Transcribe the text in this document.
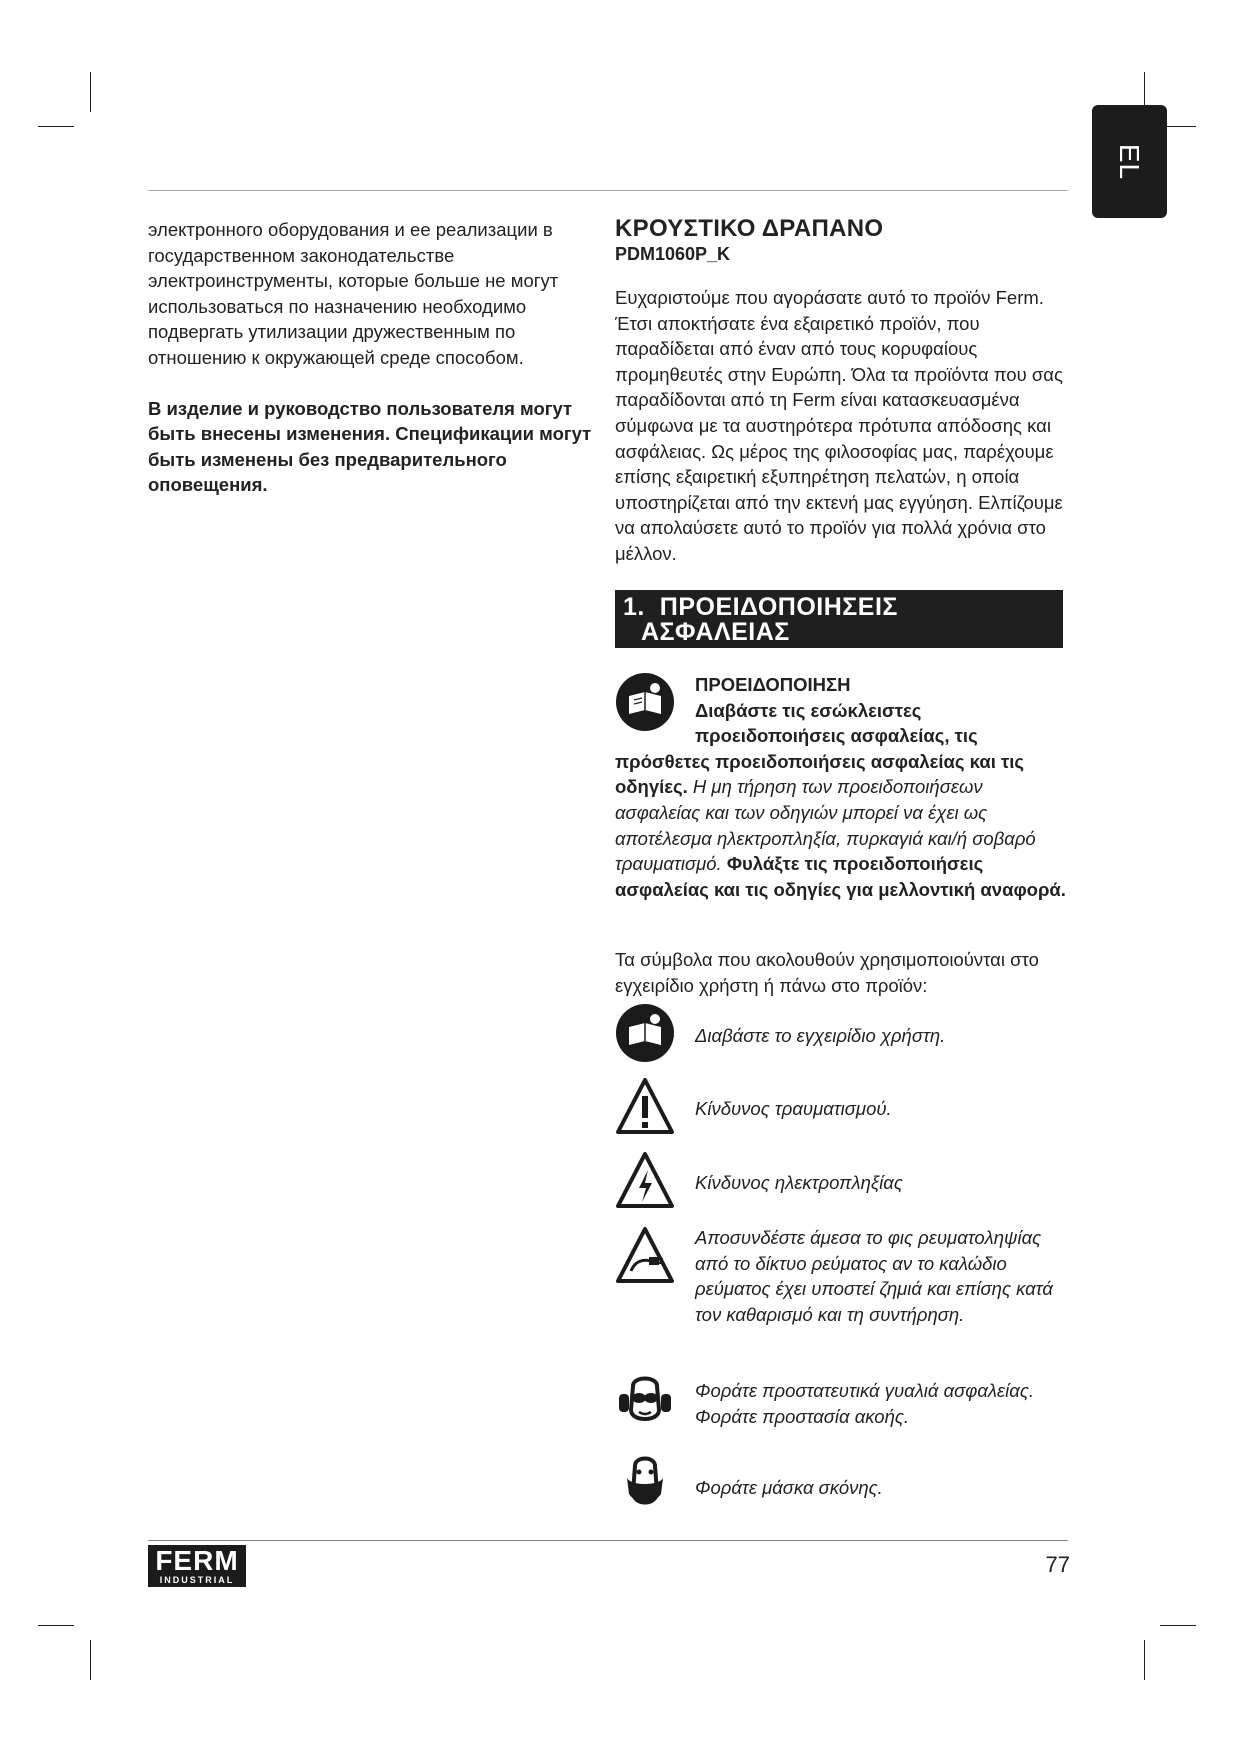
EL

электронного оборудования и ее реализации в государственном законодательстве электроинструменты, которые больше не могут использоваться по назначению необходимо подвергать утилизации дружественным по отношению к окружающей среде способом.

В изделие и руководство пользователя могут быть внесены изменения. Спецификации могут быть изменены без предварительного оповещения.

ΚΡΟΥΣΤΙΚΟ ΔΡΑΠΑΝΟ
PDM1060P_K

Ευχαριστούμε που αγοράσατε αυτό το προϊόν Ferm. Έτσι αποκτήσατε ένα εξαιρετικό προϊόν, που παραδίδεται από έναν από τους κορυφαίους προμηθευτές στην Ευρώπη. Όλα τα προϊόντα που σας παραδίδονται από τη Ferm είναι κατασκευασμένα σύμφωνα με τα αυστηρότερα πρότυπα απόδοσης και ασφάλειας. Ως μέρος της φιλοσοφίας μας, παρέχουμε επίσης εξαιρετική εξυπηρέτηση πελατών, η οποία υποστηρίζεται από την εκτενή μας εγγύηση. Ελπίζουμε να απολαύσετε αυτό το προϊόν για πολλά χρόνια στο μέλλον.

1. ΠΡΟΕΙΔΟΠΟΙΗΣΕΙΣ
ΑΣΦΑΛΕΙΑΣ
ΠΡΟΕΙΔΟΠΟΙΗΣΗ
Διαβάστε τις εσώκλειστες
προειδοποιήσεις ασφαλείας, τις

πρόσθετες προειδοποιήσεις ασφαλείας και τις οδηγίες. Η μη τήρηση των προειδοποιήσεων ασφαλείας και των οδηγιών μπορεί να έχει ως αποτέλεσμα ηλεκτροπληξία, πυρκαγιά και/ή σοβαρό τραυματισμό. Φυλάξτε τις προειδοποιήσεις ασφαλείας και τις οδηγίες για μελλοντική αναφορά.

Τα σύμβολα που ακολουθούν χρησιμοποιούνται στο εγχειρίδιο χρήστη ή πάνω στο προϊόν:

Διαβάστε το εγχειρίδιο χρήστη.
Κίνδυνος τραυματισμού.
Κίνδυνος ηλεκτροπληξίας
Αποσυνδέστε άμεσα το φις ρευματοληψίας από το δίκτυο ρεύματος αν το καλώδιο ρεύματος έχει υποστεί ζημιά και επίσης κατά τον καθαρισμό και τη συντήρηση.
Φοράτε προστατευτικά γυαλιά ασφαλείας. Φοράτε προστασία ακοής.
Φοράτε μάσκα σκόνης.
FERM
INDUSTRIAL
77
